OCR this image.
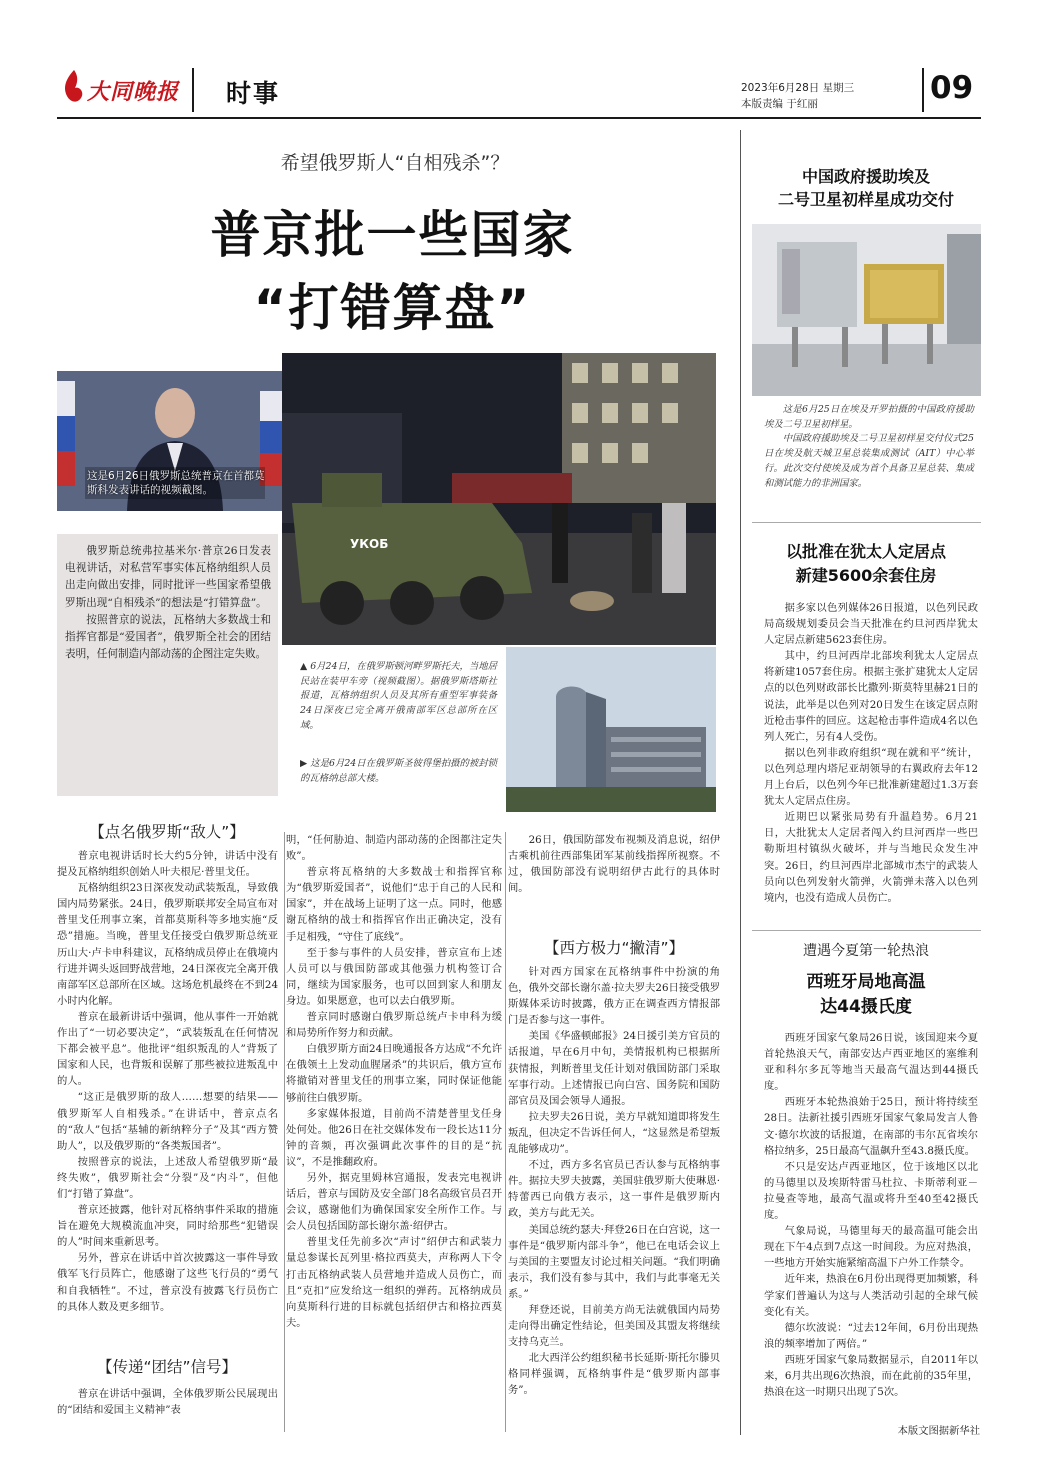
大同晚报 时事	2023年6月28日 星期三
本版责编 于红丽	09
希望俄罗斯人“自相残杀”？
普京批一些国家
“打错算盘”
这是6月26日俄罗斯总统普京在首都莫斯科发表讲话的视频截图。
УКОБ

俄罗斯总统弗拉基米尔·普京26日发表电视讲话，对私营军事实体瓦格纳组织人员出走向做出安排，同时批评一些国家希望俄罗斯出现“自相残杀”的想法是“打错算盘”。

按照普京的说法，瓦格纳大多数战士和指挥官都是“爱国者”，俄罗斯全社会的团结表明，任何制造内部动荡的企图注定失败。

▲ 6月24日，在俄罗斯顿河畔罗斯托夫，当地居民站在装甲车旁（视频截图）。据俄罗斯塔斯社报道，瓦格纳组织人员及其所有重型军事装备24日深夜已完全离开俄南部军区总部所在区域。
▶ 这是6月24日在俄罗斯圣彼得堡拍摄的被封锁的瓦格纳总部大楼。
【点名俄罗斯“敌人”】

普京电视讲话时长大约5分钟，讲话中没有提及瓦格纳组织创始人叶夫根尼·普里戈任。

瓦格纳组织23日深夜发动武装叛乱，导致俄国内局势紧张。24日，俄罗斯联邦安全局宣布对普里戈任刑事立案，首都莫斯科等多地实施“反恐”措施。当晚，普里戈任接受白俄罗斯总统亚历山大·卢卡申科建议，瓦格纳成员停止在俄境内行进并调头返回野战营地，24日深夜完全离开俄南部军区总部所在区域。这场危机最终在不到24小时内化解。

普京在最新讲话中强调，他从事件一开始就作出了“一切必要决定”，“武装叛乱在任何情况下都会被平息”。他批评“组织叛乱的人”背叛了国家和人民，也背叛和误解了那些被拉进叛乱中的人。

“这正是俄罗斯的敌人……想要的结果——俄罗斯军人自相残杀。”在讲话中，普京点名的“敌人”包括“基辅的新纳粹分子”及其“西方赞助人”，以及俄罗斯的“各类叛国者”。

按照普京的说法，上述敌人希望俄罗斯“最终失败”，俄罗斯社会“分裂”及“内斗”，但他们“打错了算盘”。

普京还披露，他针对瓦格纳事件采取的措施旨在避免大规模流血冲突，同时给那些“犯错误的人”时间来重新思考。

另外，普京在讲话中首次披露这一事件导致俄军飞行员阵亡，他感谢了这些飞行员的“勇气和自我牺牲”。不过，普京没有披露飞行员伤亡的具体人数及更多细节。

【传递“团结”信号】

普京在讲话中强调，全体俄罗斯公民展现出的“团结和爱国主义精神”表

明，“任何胁迫、制造内部动荡的企图都注定失败”。

普京将瓦格纳的大多数战士和指挥官称为“俄罗斯爱国者”，说他们“忠于自己的人民和国家”，并在战场上证明了这一点。同时，他感谢瓦格纳的战士和指挥官作出正确决定，没有手足相残，“守住了底线”。

至于参与事件的人员安排，普京宣布上述人员可以与俄国防部或其他强力机构签订合同，继续为国家服务，也可以回到家人和朋友身边。如果愿意，也可以去白俄罗斯。

普京同时感谢白俄罗斯总统卢卡申科为缓和局势所作努力和贡献。

白俄罗斯方面24日晚通报各方达成“不允许在俄领土上发动血腥屠杀”的共识后，俄方宣布将撤销对普里戈任的刑事立案，同时保证他能够前往白俄罗斯。

多家媒体报道，目前尚不清楚普里戈任身处何处。他26日在社交媒体发布一段长达11分钟的音频，再次强调此次事件的目的是“抗议”，不是推翻政府。

另外，据克里姆林宫通报，发表完电视讲话后，普京与国防及安全部门8名高级官员召开会议，感谢他们为确保国家安全所作工作。与会人员包括国防部长谢尔盖·绍伊古。

普里戈任先前多次“声讨”绍伊古和武装力量总参谋长瓦列里·格拉西莫夫，声称两人下令打击瓦格纳武装人员营地并造成人员伤亡，而且“克扣”应发给这一组织的弹药。瓦格纳成员向莫斯科行进的目标就包括绍伊古和格拉西莫夫。

26日，俄国防部发布视频及消息说，绍伊古乘机前往西部集团军某前线指挥所视察。不过，俄国防部没有说明绍伊古此行的具体时间。

【西方极力“撇清”】

针对西方国家在瓦格纳事件中扮演的角色，俄外交部长谢尔盖·拉夫罗夫26日接受俄罗斯媒体采访时披露，俄方正在调查西方情报部门是否参与这一事件。

美国《华盛顿邮报》24日援引美方官员的话报道，早在6月中旬，美情报机构已根据所获情报，判断普里戈任计划对俄国防部门采取军事行动。上述情报已向白宫、国务院和国防部官员及国会领导人通报。

拉夫罗夫26日说，美方早就知道即将发生叛乱，但决定不告诉任何人，“这显然是希望叛乱能够成功”。

不过，西方多名官员已否认参与瓦格纳事件。据拉夫罗夫披露，美国驻俄罗斯大使琳恩·特蕾西已向俄方表示，这一事件是俄罗斯内政，美方与此无关。

美国总统约瑟夫·拜登26日在白宫说，这一事件是“俄罗斯内部斗争”，他已在电话会议上与美国的主要盟友讨论过相关问题。“我们明确表示，我们没有参与其中，我们与此事毫无关系。”

拜登还说，目前美方尚无法就俄国内局势走向得出确定性结论，但美国及其盟友将继续支持乌克兰。

北大西洋公约组织秘书长延斯·斯托尔滕贝格同样强调，瓦格纳事件是“俄罗斯内部事务”。

中国政府援助埃及
二号卫星初样星成功交付

这是6月25日在埃及开罗拍摄的中国政府援助埃及二号卫星初样星。

中国政府援助埃及二号卫星初样星交付仪式25日在埃及航天城卫星总装集成测试（AIT）中心举行。此次交付使埃及成为首个具备卫星总装、集成和测试能力的非洲国家。

以批准在犹太人定居点
新建5600余套住房

据多家以色列媒体26日报道，以色列民政局高级规划委员会当天批准在约旦河西岸犹太人定居点新建5623套住房。

其中，约旦河西岸北部埃利犹太人定居点将新建1057套住房。根据主张扩建犹太人定居点的以色列财政部长比撒列·斯莫特里赫21日的说法，此举是以色列对20日发生在该定居点附近枪击事件的回应。这起枪击事件造成4名以色列人死亡，另有4人受伤。

据以色列非政府组织“现在就和平”统计，以色列总理内塔尼亚胡领导的右翼政府去年12月上台后，以色列今年已批准新建超过1.3万套犹太人定居点住房。

近期巴以紧张局势有升温趋势。6月21日，大批犹太人定居者闯入约旦河西岸一些巴勒斯坦村镇纵火破坏，并与当地民众发生冲突。26日，约旦河西岸北部城市杰宁的武装人员向以色列发射火箭弹，火箭弹未落入以色列境内，也没有造成人员伤亡。

遭遇今夏第一轮热浪
西班牙局地高温
达44摄氏度

西班牙国家气象局26日说，该国迎来今夏首轮热浪天气，南部安达卢西亚地区的塞维利亚和科尔多瓦等地当天最高气温达到44摄氏度。

西班牙本轮热浪始于25日，预计将持续至28日。法新社援引西班牙国家气象局发言人鲁文·德尔坎波的话报道，在南部的韦尔瓦省埃尔格拉纳多，25日最高气温飙升至43.8摄氏度。

不只是安达卢西亚地区，位于该地区以北的马德里以及埃斯特雷马杜拉、卡斯蒂利亚－拉曼查等地，最高气温或将升至40至42摄氏度。

气象局说，马德里每天的最高温可能会出现在下午4点到7点这一时间段。为应对热浪，一些地方开始实施紧缩高温下户外工作禁令。

近年来，热浪在6月份出现得更加频繁，科学家们普遍认为这与人类活动引起的全球气候变化有关。

德尔坎波说：“过去12年间，6月份出现热浪的频率增加了两倍。”

西班牙国家气象局数据显示，自2011年以来，6月共出现6次热浪，而在此前的35年里，热浪在这一时期只出现了5次。

本版文图据新华社
